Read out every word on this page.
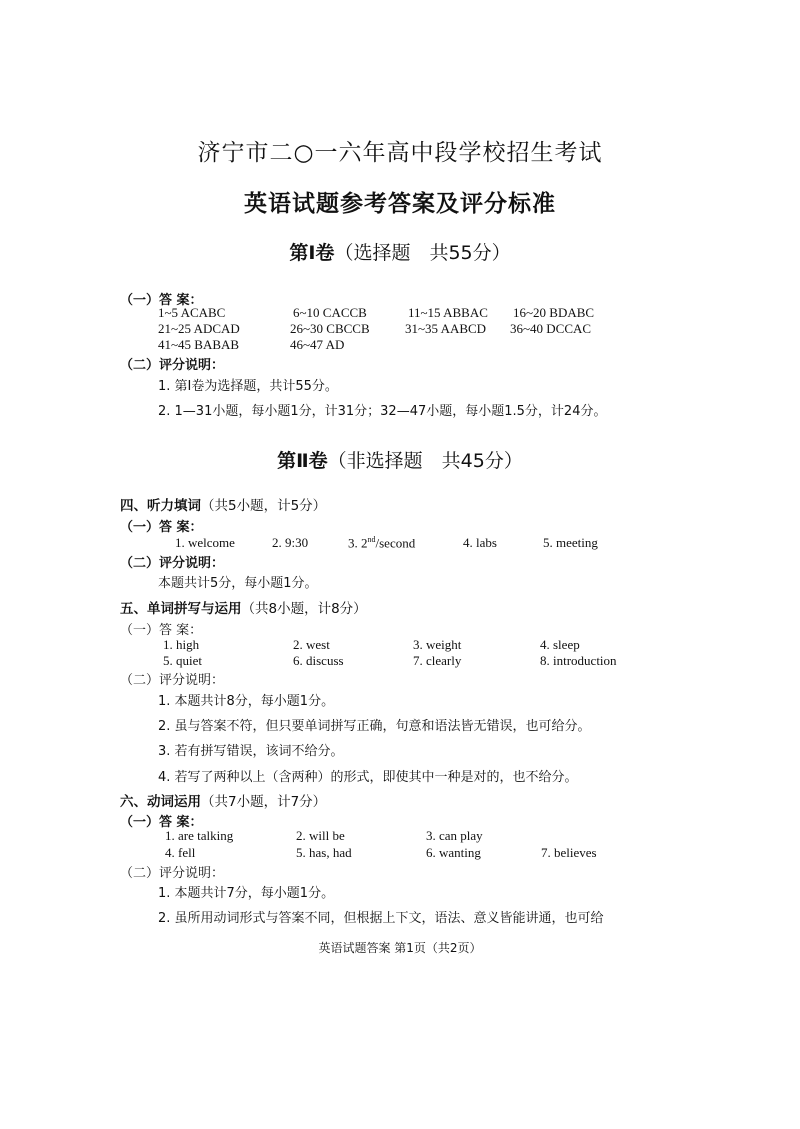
济宁市二○一六年高中段学校招生考试
英语试题参考答案及评分标准
第Ⅰ卷（选择题　共55分）
（一）答 案：
1~5 ACABC	6~10 CACCB	11~15 ABBAC 16~20 BDABC
21~25 ADCAD	26~30 CBCCB	31~35 AABCD 36~40 DCCAC
41~45 BABAB	46~47 AD
（二）评分说明：
1. 第Ⅰ卷为选择题，共计55分。
2. 1—31小题，每小题1分，计31分；32—47小题，每小题1.5分，计24分。
第Ⅱ卷（非选择题　共45分）
四、听力填词（共5小题，计5分）
（一）答 案：
1. welcome	2. 9:30	3. 2nd/second	4. labs	5. meeting
（二）评分说明：
本题共计5分，每小题1分。
五、单词拼写与运用（共8小题，计8分）
（一）答 案：
1. high	2. west	3. weight	4. sleep
5. quiet	6. discuss	7. clearly	8. introduction
（二）评分说明：
1. 本题共计8分，每小题1分。
2. 虽与答案不符，但只要单词拼写正确，句意和语法皆无错误，也可给分。
3. 若有拼写错误，该词不给分。
4. 若写了两种以上（含两种）的形式，即使其中一种是对的，也不给分。
六、动词运用（共7小题，计7分）
（一）答 案：
1. are talking	2. will be	3. can play
4. fell	5. has, had	6. wanting	7. believes
（二）评分说明：
1. 本题共计7分，每小题1分。
2. 虽所用动词形式与答案不同，但根据上下文，语法、意义皆能讲通，也可给
英语试题答案 第1页（共2页）
